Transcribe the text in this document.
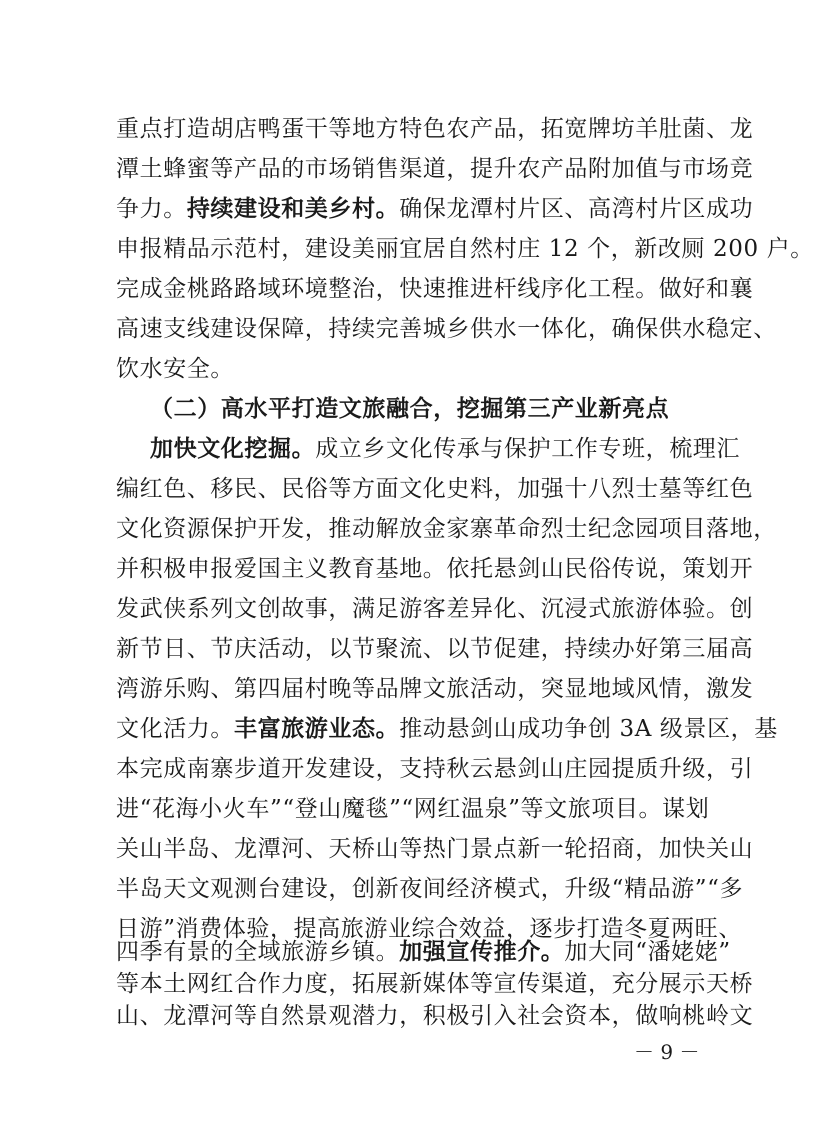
重点打造胡店鸭蛋干等地方特色农产品，拓宽牌坊羊肚菌、龙
潭土蜂蜜等产品的市场销售渠道，提升农产品附加值与市场竞
争力。持续建设和美乡村。确保龙潭村片区、高湾村片区成功
申报精品示范村，建设美丽宜居自然村庄 12 个，新改厕 200 户。
完成金桃路路域环境整治，快速推进杆线序化工程。做好和襄
高速支线建设保障，持续完善城乡供水一体化，确保供水稳定、
饮水安全。
（二）高水平打造文旅融合，挖掘第三产业新亮点
加快文化挖掘。成立乡文化传承与保护工作专班，梳理汇
编红色、移民、民俗等方面文化史料，加强十八烈士墓等红色
文化资源保护开发，推动解放金家寨革命烈士纪念园项目落地，
并积极申报爱国主义教育基地。依托悬剑山民俗传说，策划开
发武侠系列文创故事，满足游客差异化、沉浸式旅游体验。创
新节日、节庆活动，以节聚流、以节促建，持续办好第三届高
湾游乐购、第四届村晚等品牌文旅活动，突显地域风情，激发
文化活力。丰富旅游业态。推动悬剑山成功争创 3A 级景区，基
本完成南寨步道开发建设，支持秋云悬剑山庄园提质升级，引
进“花海小火车”“登山魔毯”“网红温泉”等文旅项目。谋划
关山半岛、龙潭河、天桥山等热门景点新一轮招商，加快关山
半岛天文观测台建设，创新夜间经济模式，升级“精品游”“多
日游”消费体验，提高旅游业综合效益，逐步打造冬夏两旺、
四季有景的全域旅游乡镇。加强宣传推介。加大同“潘姥姥”
等本土网红合作力度，拓展新媒体等宣传渠道，充分展示天桥
山、龙潭河等自然景观潜力，积极引入社会资本，做响桃岭文
－ 9 －
